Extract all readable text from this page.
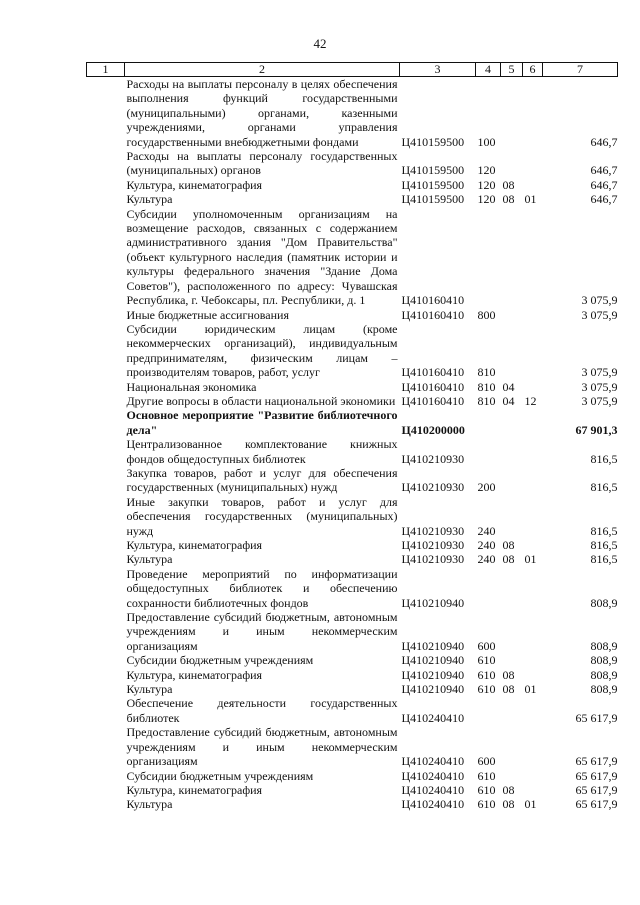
42
1	2	3	4	5	6	7
	Расходы на выплаты персоналу в целях обеспечения выполнения функций государственными (муниципальными) органами, казенными учреждениями, органами управления государственными внебюджетными фондами	Ц410159500	100			646,7
	Расходы на выплаты персоналу государственных (муниципальных) органов	Ц410159500	120			646,7
	Культура, кинематография	Ц410159500	120	08		646,7
	Культура	Ц410159500	120	08	01	646,7
	Субсидии уполномоченным организациям на возмещение расходов, связанных с содержанием административного здания "Дом Правительства" (объект культурного наследия (памятник истории и культуры федерального значения "Здание Дома Советов"), расположенного по адресу: Чувашская Республика, г. Чебоксары, пл. Республики, д. 1	Ц410160410				3 075,9
	Иные бюджетные ассигнования	Ц410160410	800			3 075,9
	Субсидии юридическим лицам (кроме некоммерческих организаций), индивидуальным предпринимателям, физическим лицам – производителям товаров, работ, услуг	Ц410160410	810			3 075,9
	Национальная экономика	Ц410160410	810	04		3 075,9
	Другие вопросы в области национальной экономики	Ц410160410	810	04	12	3 075,9
	Основное мероприятие "Развитие библиотечного дела"	Ц410200000				67 901,3
	Централизованное комплектование книжных фондов общедоступных библиотек	Ц410210930				816,5
	Закупка товаров, работ и услуг для обеспечения государственных (муниципальных) нужд	Ц410210930	200			816,5
	Иные закупки товаров, работ и услуг для обеспечения государственных (муниципальных) нужд	Ц410210930	240			816,5
	Культура, кинематография	Ц410210930	240	08		816,5
	Культура	Ц410210930	240	08	01	816,5
	Проведение мероприятий по информатизации общедоступных библиотек и обеспечению сохранности библиотечных фондов	Ц410210940				808,9
	Предоставление субсидий бюджетным, автономным учреждениям и иным некоммерческим организациям	Ц410210940	600			808,9
	Субсидии бюджетным учреждениям	Ц410210940	610			808,9
	Культура, кинематография	Ц410210940	610	08		808,9
	Культура	Ц410210940	610	08	01	808,9
	Обеспечение деятельности государственных библиотек	Ц410240410				65 617,9
	Предоставление субсидий бюджетным, автономным учреждениям и иным некоммерческим организациям	Ц410240410	600			65 617,9
	Субсидии бюджетным учреждениям	Ц410240410	610			65 617,9
	Культура, кинематография	Ц410240410	610	08		65 617,9
	Культура	Ц410240410	610	08	01	65 617,9
